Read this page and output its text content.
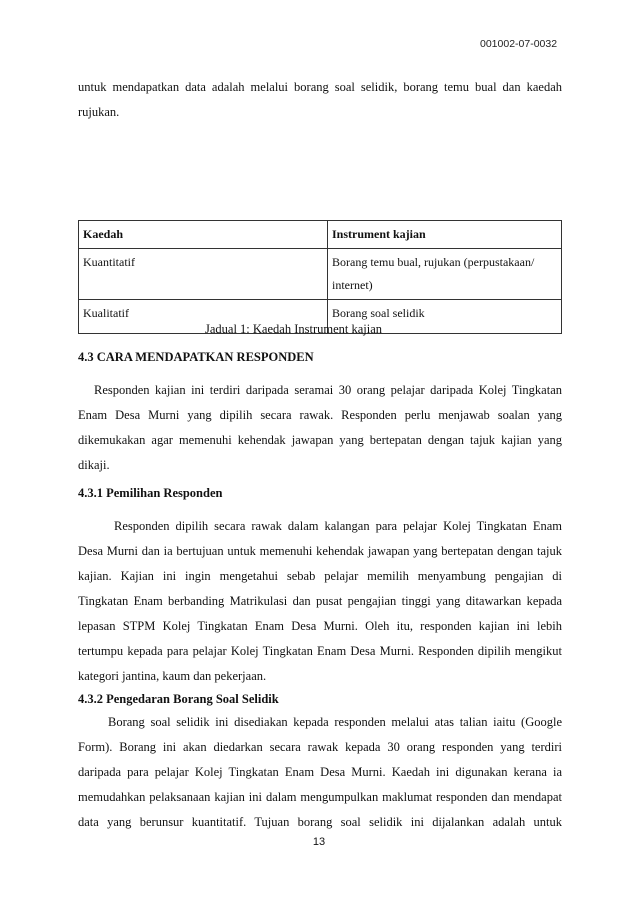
001002-07-0032
untuk mendapatkan data adalah melalui borang soal selidik, borang temu bual dan kaedah
rujukan.
Kaedah	Instrument kajian
Kuantitatif	Borang temu bual, rujukan (perpustakaan/
internet)
Kualitatif	Borang soal selidik

Jadual 1: Kaedah Instrument kajian

4.3 CARA MENDAPATKAN RESPONDEN

Responden kajian ini terdiri daripada seramai 30 orang pelajar daripada Kolej Tingkatan
Enam Desa Murni yang dipilih secara rawak. Responden perlu menjawab soalan yang
dikemukakan agar memenuhi kehendak jawapan yang bertepatan dengan tajuk kajian yang
dikaji.

4.3.1 Pemilihan Responden

Responden dipilih secara rawak dalam kalangan para pelajar Kolej Tingkatan Enam
Desa Murni dan ia bertujuan untuk memenuhi kehendak jawapan yang bertepatan dengan tajuk
kajian. Kajian ini ingin mengetahui sebab pelajar memilih menyambung pengajian di
Tingkatan Enam berbanding Matrikulasi dan pusat pengajian tinggi yang ditawarkan kepada
lepasan STPM Kolej Tingkatan Enam Desa Murni. Oleh itu, responden kajian ini lebih
tertumpu kepada para pelajar Kolej Tingkatan Enam Desa Murni. Responden dipilih mengikut
kategori jantina, kaum dan pekerjaan.

4.3.2 Pengedaran Borang Soal Selidik

Borang soal selidik ini disediakan kepada responden melalui atas talian iaitu (Google
Form). Borang ini akan diedarkan secara rawak kepada 30 orang responden yang terdiri
daripada para pelajar Kolej Tingkatan Enam Desa Murni. Kaedah ini digunakan kerana ia
memudahkan pelaksanaan kajian ini dalam mengumpulkan maklumat responden dan mendapat
data yang berunsur kuantitatif. Tujuan borang soal selidik ini dijalankan adalah untuk
13
